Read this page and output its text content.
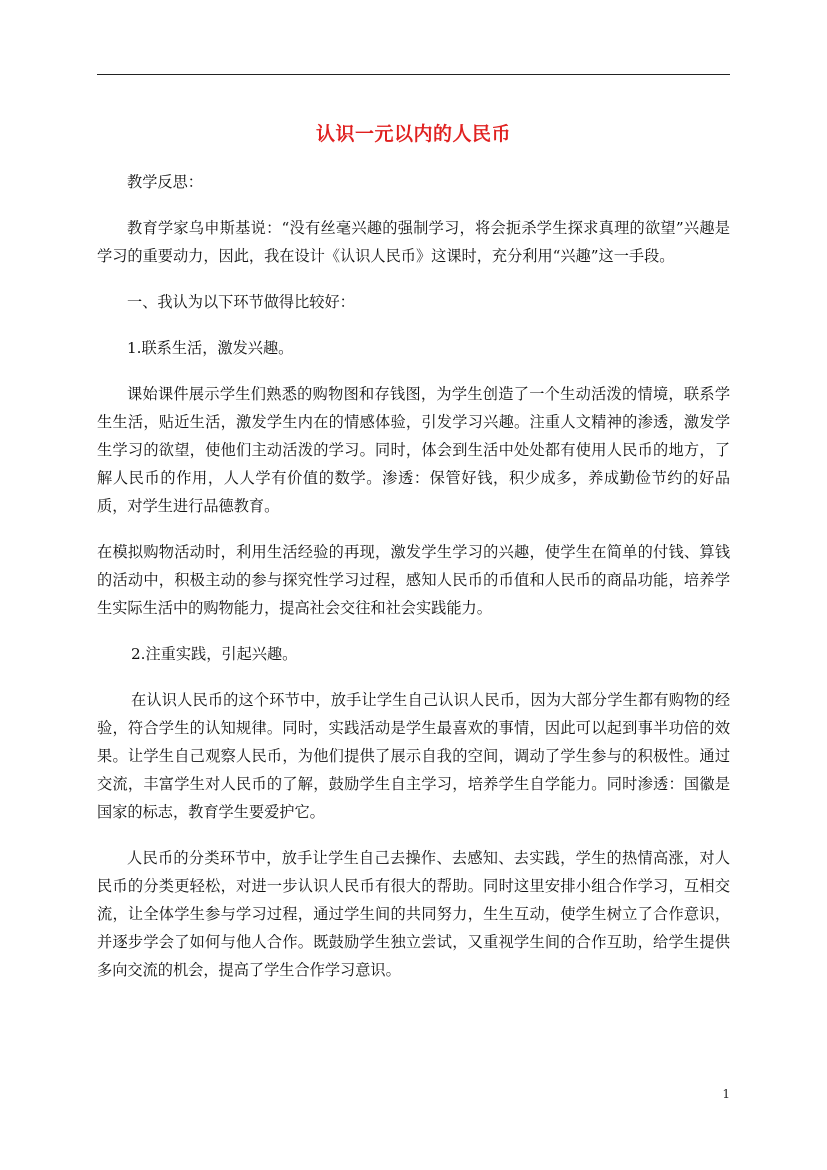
认识一元以内的人民币

教学反思：

教育学家乌申斯基说：“没有丝毫兴趣的强制学习，将会扼杀学生探求真理的欲望”兴趣是学习的重要动力，因此，我在设计《认识人民币》这课时，充分利用“兴趣”这一手段。

一、我认为以下环节做得比较好：

1.联系生活，激发兴趣。

课始课件展示学生们熟悉的购物图和存钱图，为学生创造了一个生动活泼的情境，联系学生生活，贴近生活，激发学生内在的情感体验，引发学习兴趣。注重人文精神的渗透，激发学生学习的欲望，使他们主动活泼的学习。同时，体会到生活中处处都有使用人民币的地方，了解人民币的作用，人人学有价值的数学。渗透：保管好钱，积少成多，养成勤俭节约的好品质，对学生进行品德教育。

在模拟购物活动时，利用生活经验的再现，激发学生学习的兴趣，使学生在简单的付钱、算钱的活动中，积极主动的参与探究性学习过程，感知人民币的币值和人民币的商品功能，培养学生实际生活中的购物能力，提高社会交往和社会实践能力。

2.注重实践，引起兴趣。

在认识人民币的这个环节中，放手让学生自己认识人民币，因为大部分学生都有购物的经验，符合学生的认知规律。同时，实践活动是学生最喜欢的事情，因此可以起到事半功倍的效果。让学生自己观察人民币，为他们提供了展示自我的空间，调动了学生参与的积极性。通过交流，丰富学生对人民币的了解，鼓励学生自主学习，培养学生自学能力。同时渗透：国徽是国家的标志，教育学生要爱护它。

人民币的分类环节中，放手让学生自己去操作、去感知、去实践，学生的热情高涨，对人民币的分类更轻松，对进一步认识人民币有很大的帮助。同时这里安排小组合作学习，互相交流，让全体学生参与学习过程，通过学生间的共同努力，生生互动，使学生树立了合作意识，并逐步学会了如何与他人合作。既鼓励学生独立尝试，又重视学生间的合作互助，给学生提供多向交流的机会，提高了学生合作学习意识。

1
